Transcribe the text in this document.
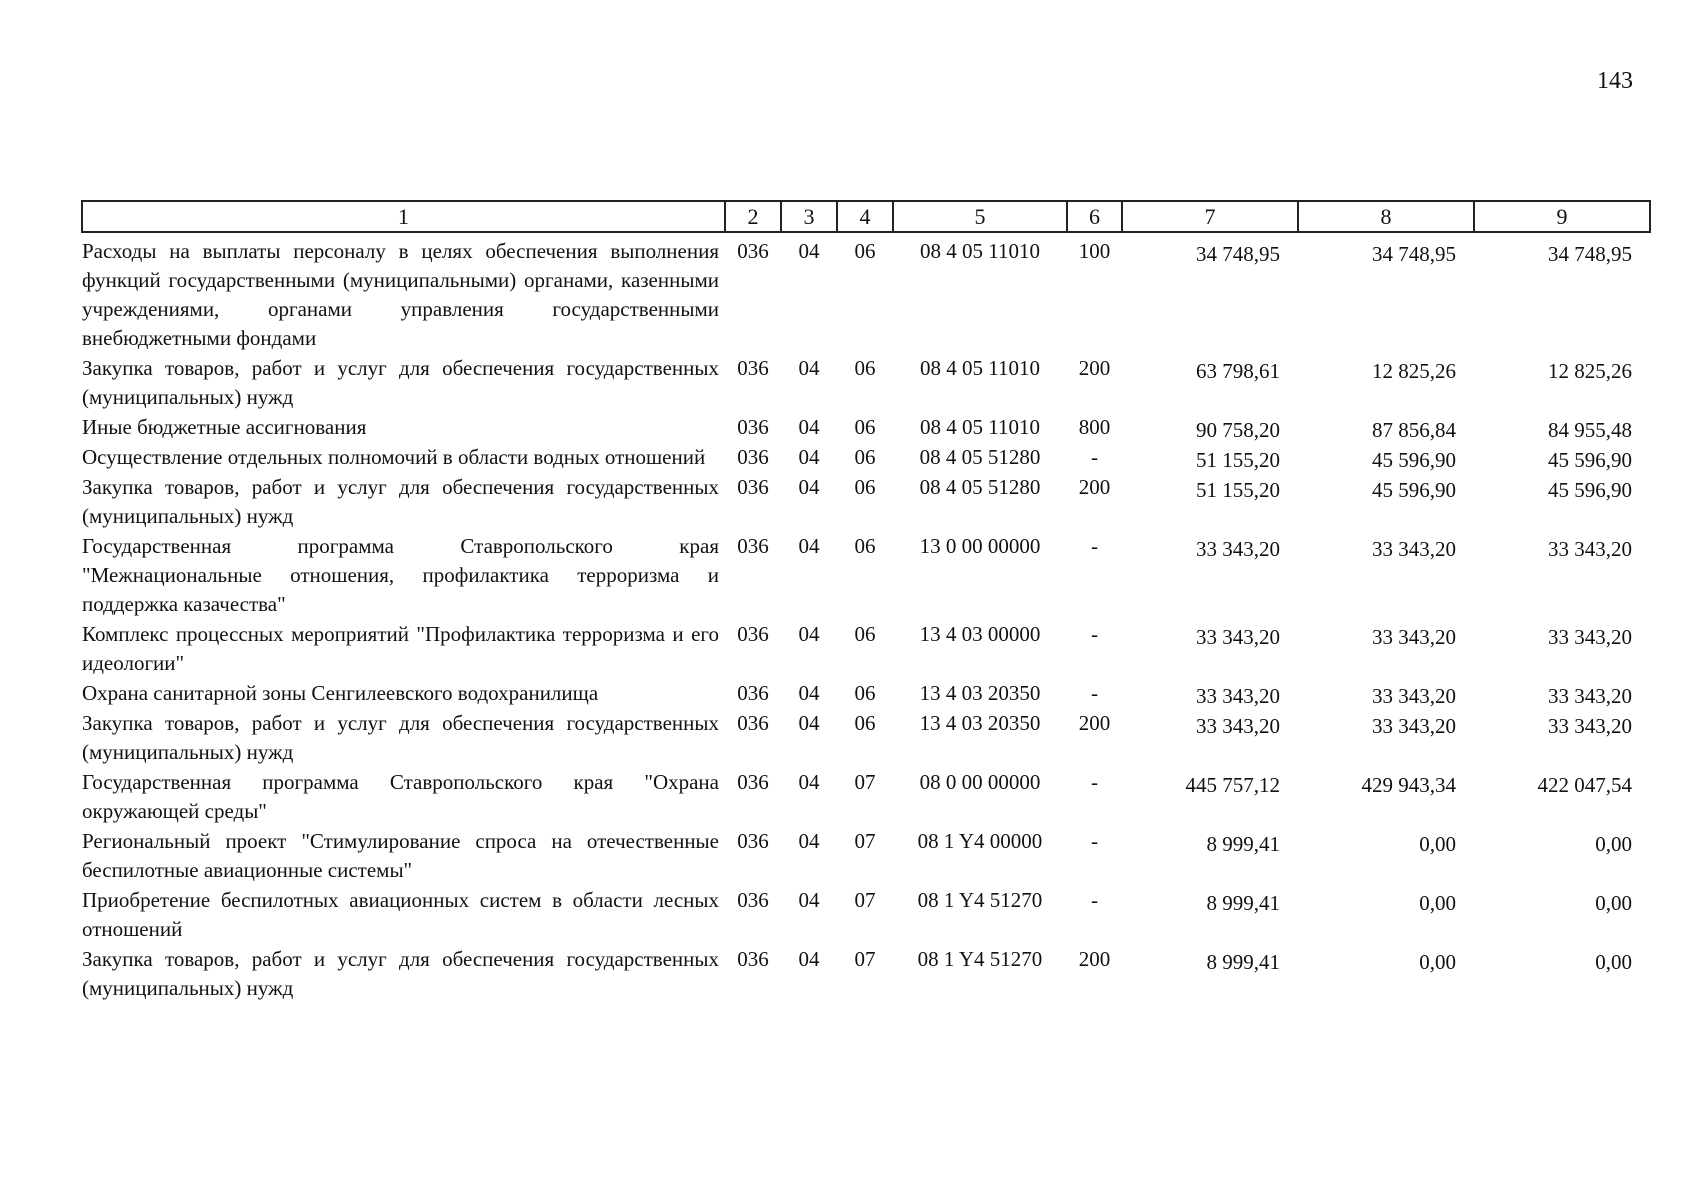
143
1	2	3	4	5	6	7	8	9
Расходы на выплаты персоналу в целях обеспечения выполнения функций государственными (муниципальными) органами, казенными учреждениями, органами управления государственными внебюджетными фондами	036	04	06	08 4 05 11010	100	34 748,95	34 748,95	34 748,95
Закупка товаров, работ и услуг для обеспечения государственных (муниципальных) нужд	036	04	06	08 4 05 11010	200	63 798,61	12 825,26	12 825,26
Иные бюджетные ассигнования	036	04	06	08 4 05 11010	800	90 758,20	87 856,84	84 955,48
Осуществление отдельных полномочий в области водных отношений	036	04	06	08 4 05 51280	-	51 155,20	45 596,90	45 596,90
Закупка товаров, работ и услуг для обеспечения государственных (муниципальных) нужд	036	04	06	08 4 05 51280	200	51 155,20	45 596,90	45 596,90
Государственная программа Ставропольского края "Межнациональные отношения, профилактика терроризма и поддержка казачества"	036	04	06	13 0 00 00000	-	33 343,20	33 343,20	33 343,20
Комплекс процессных мероприятий "Профилактика терроризма и его идеологии"	036	04	06	13 4 03 00000	-	33 343,20	33 343,20	33 343,20
Охрана санитарной зоны Сенгилеевского водохранилища	036	04	06	13 4 03 20350	-	33 343,20	33 343,20	33 343,20
Закупка товаров, работ и услуг для обеспечения государственных (муниципальных) нужд	036	04	06	13 4 03 20350	200	33 343,20	33 343,20	33 343,20
Государственная программа Ставропольского края "Охрана окружающей среды"	036	04	07	08 0 00 00000	-	445 757,12	429 943,34	422 047,54
Региональный проект "Стимулирование спроса на отечественные беспилотные авиационные системы"	036	04	07	08 1 Y4 00000	-	8 999,41	0,00	0,00
Приобретение беспилотных авиационных систем в области лесных отношений	036	04	07	08 1 Y4 51270	-	8 999,41	0,00	0,00
Закупка товаров, работ и услуг для обеспечения государственных (муниципальных) нужд	036	04	07	08 1 Y4 51270	200	8 999,41	0,00	0,00
